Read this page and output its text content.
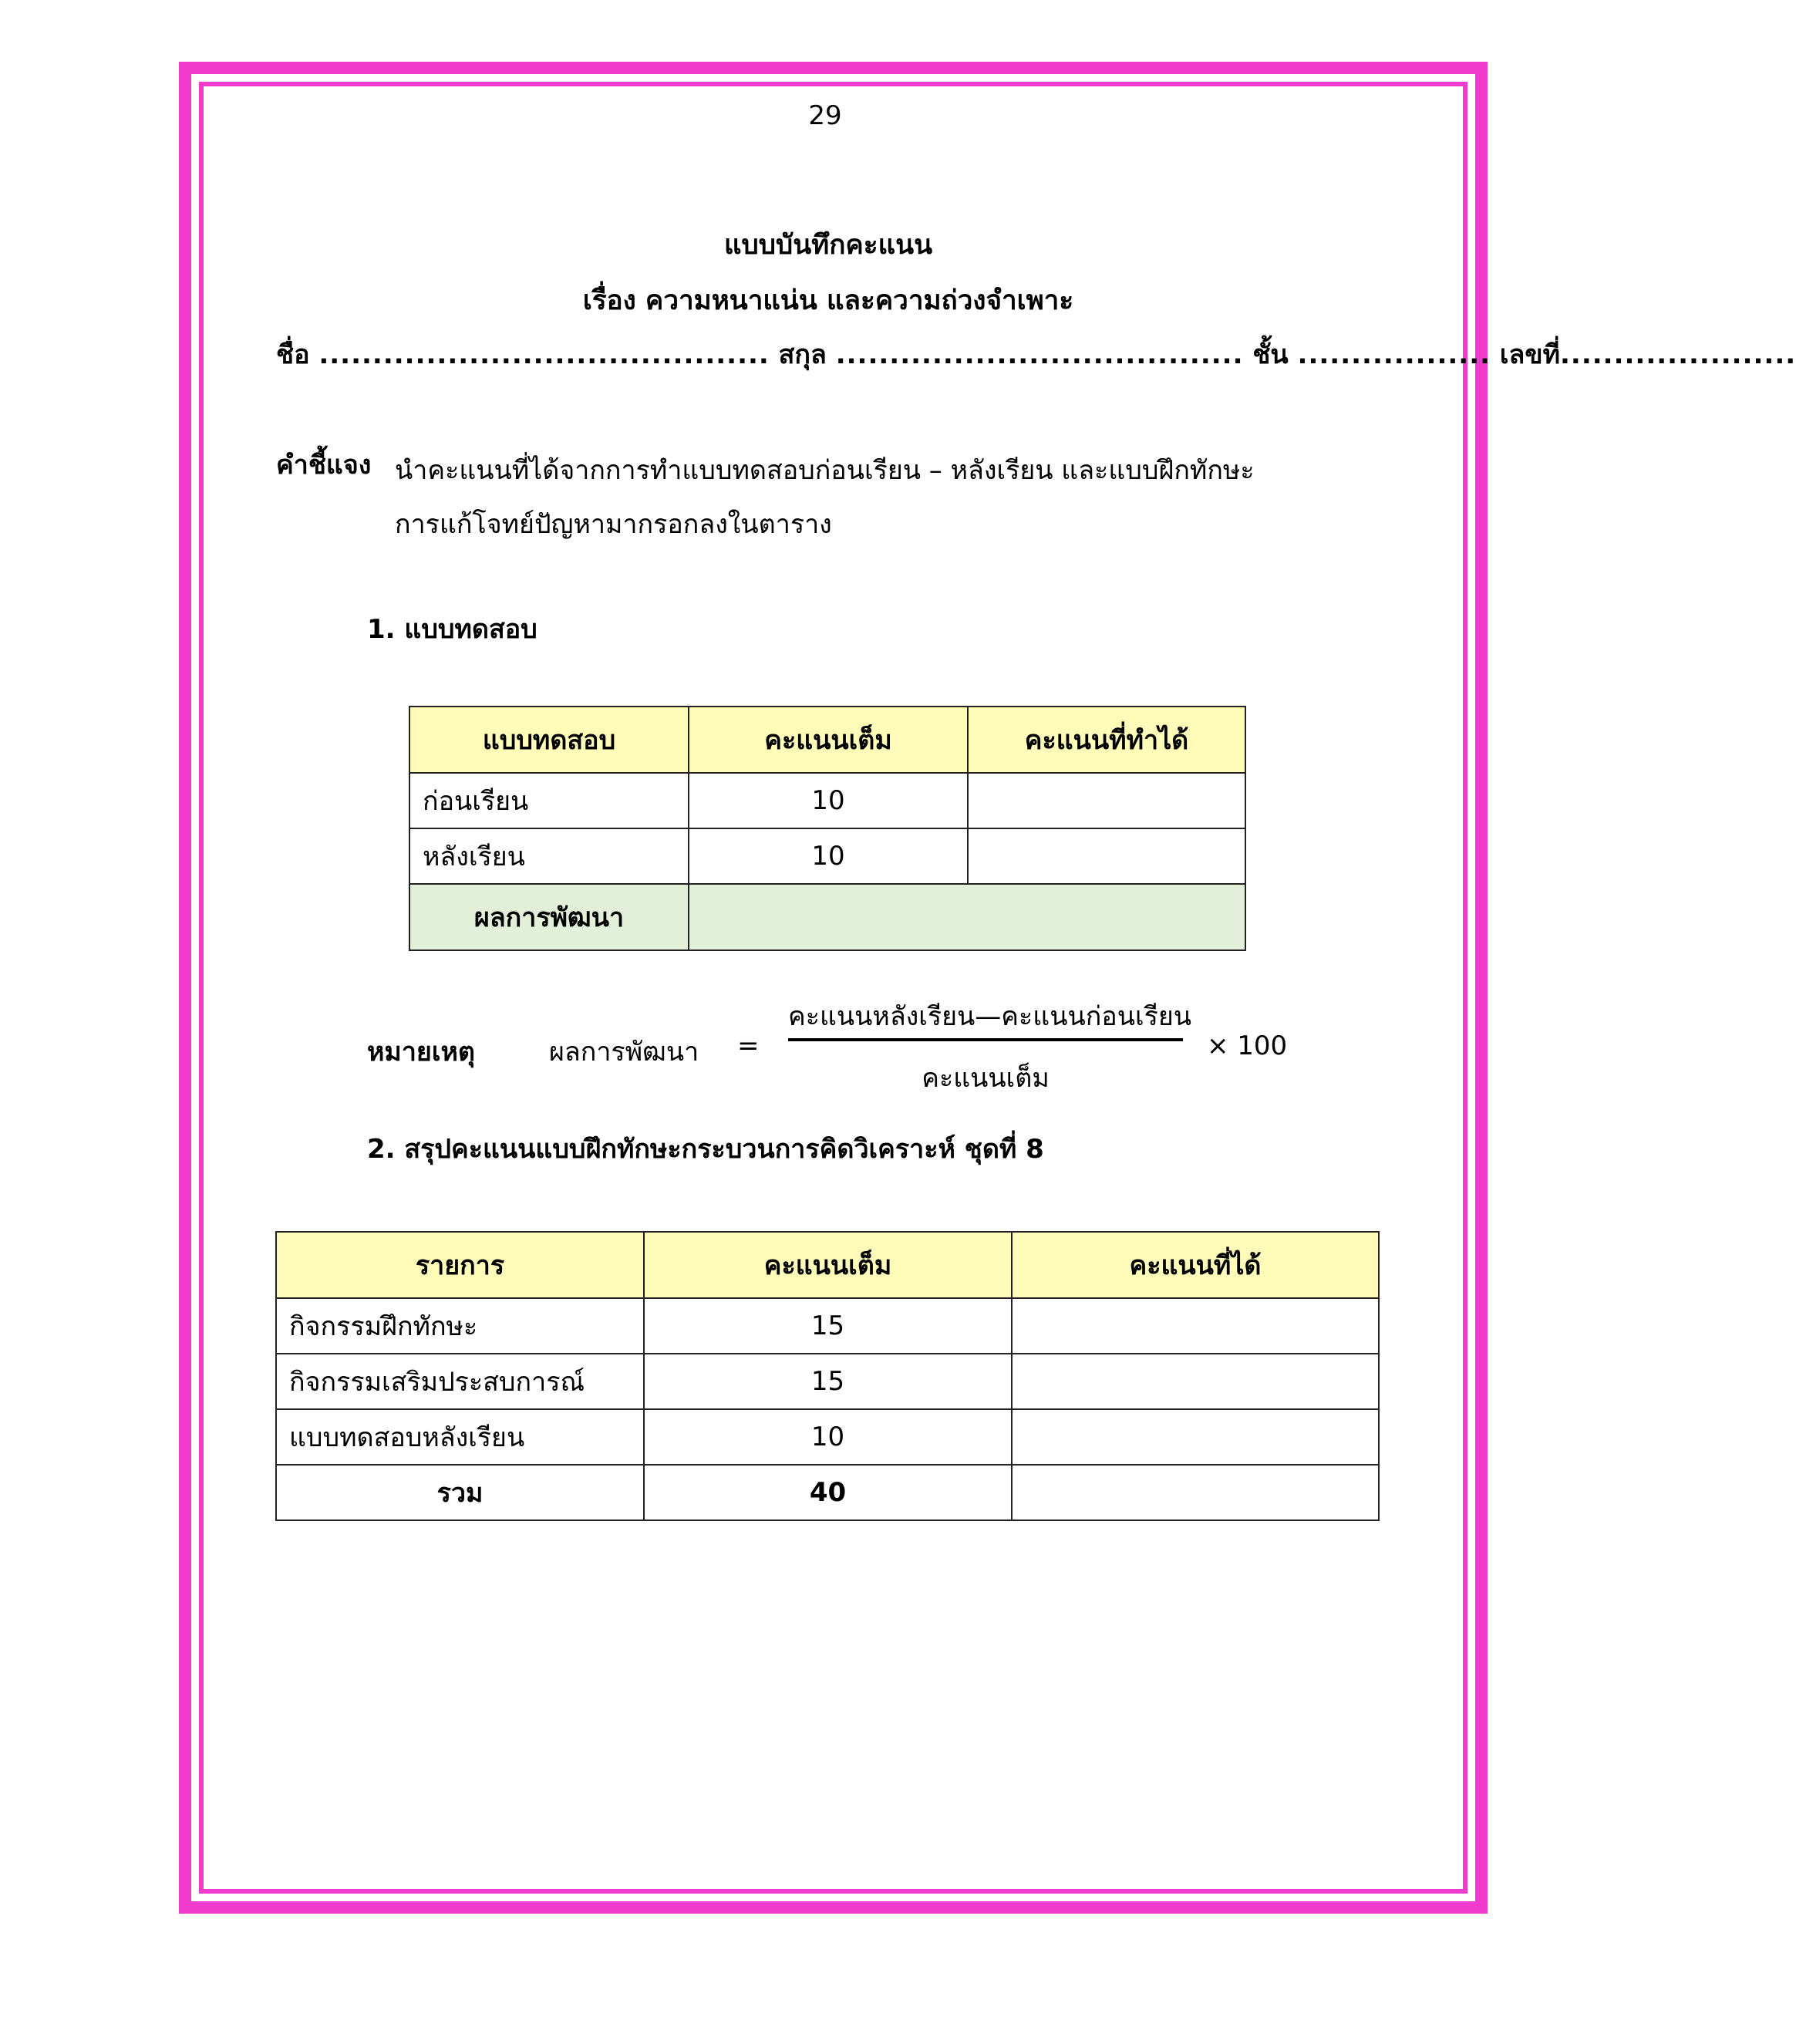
29
แบบบันทึกคะแนน
เรื่อง ความหนาแน่น และความถ่วงจำเพาะ
ชื่อ .......................................... สกุล ...................................... ชั้น .................. เลขที่......................
คำชี้แจง นำคะแนนที่ได้จากการทำแบบทดสอบก่อนเรียน – หลังเรียน และแบบฝึกทักษะ
การแก้โจทย์ปัญหามากรอกลงในตาราง
1. แบบทดสอบ
แบบทดสอบ	คะแนนเต็ม	คะแนนที่ทำได้
ก่อนเรียน	10	
หลังเรียน	10	
ผลการพัฒนา		
หมายเหตุ	ผลการพัฒนา =
คะแนนหลังเรียน—คะแนนก่อนเรียน
คะแนนเต็ม
× 100
2. สรุปคะแนนแบบฝึกทักษะกระบวนการคิดวิเคราะห์ ชุดที่ 8
รายการ	คะแนนเต็ม	คะแนนที่ได้
กิจกรรมฝึกทักษะ	15	
กิจกรรมเสริมประสบการณ์	15	
แบบทดสอบหลังเรียน	10	
รวม	40	
